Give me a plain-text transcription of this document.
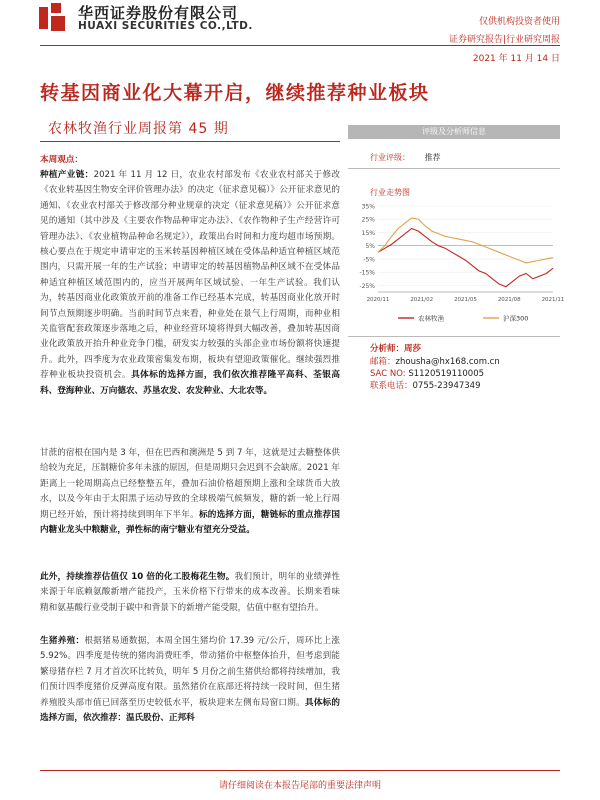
华西证券股份有限公司
HUAXI SECURITIES CO.,LTD.	仅供机构投资者使用
证券研究报告|行业研究周报
2021 年 11 月 14 日
转基因商业化大幕开启，继续推荐种业板块
农林牧渔行业周报第 45 期
本周观点：
种植产业链：2021 年 11 月 12 日，农业农村部发布《农业农村部关于修改《农业转基因生物安全评价管理办法》的决定（征求意见稿）》公开征求意见的通知、《农业农村部关于修改部分种业规章的决定（征求意见稿）》公开征求意见的通知（其中涉及《主要农作物品种审定办法》、《农作物种子生产经营许可管理办法》、《农业植物品种命名规定》），政策出台时间和力度均超市场预期。核心要点在于规定申请审定的玉米转基因种植区域在受体品种适宜种植区域范围内，只需开展一年的生产试验；申请审定的转基因植物品种区域不在受体品种适宜种植区域范围内的，应当开展两年区域试验、一年生产试验。我们认为，转基因商业化政策放开前的准备工作已经基本完成，转基因商业化放开时间节点预期逐步明确。当前时间节点来看，种业处在景气上行周期，而种业相关监管配套政策逐步落地之后，种业经营环境将得到大幅改善，叠加转基因商业化政策放开抬升种业竞争门槛，研发实力较强的头部企业市场份额将快速提升。此外，四季度为农业政策密集发布期，板块有望迎政策催化。继续强烈推荐种业板块投资机会。具体标的选择方面，我们依次推荐隆平高科、荃银高科、登海种业、万向德农、苏垦农发、农发种业、大北农等。
甘蔗的宿根在国内是 3 年，但在巴西和澳洲是 5 到 7 年，这就是过去糖整体供给较为充足，压制糖价多年未涨的原因，但是周期只会迟到不会缺席。2021 年距离上一轮周期高点已经整整五年，叠加石油价格超预期上涨和全球货币大放水，以及今年由于太阳黑子运动导致的全球极端气候频发，糖的新一轮上行周期已经开始，预计将持续到明年下半年。标的选择方面，糖链标的重点推荐国内糖业龙头中粮糖业，弹性标的南宁糖业有望充分受益。
此外，持续推荐估值仅 10 倍的化工股梅花生物。我们预计，明年的业绩弹性来源于年底赖氨酸新增产能投产，玉米价格下行带来的成本改善。长期来看味精和氨基酸行业受制于碳中和背景下的新增产能受限，估值中枢有望抬升。
生猪养殖：根据猪易通数据，本周全国生猪均价 17.39 元/公斤，周环比上涨 5.92%。四季度是传统的猪肉消费旺季，带动猪价中枢整体抬升，但考虑到能繁母猪存栏 7 月才首次环比转负，明年 5 月份之前生猪供给都将持续增加，我们预计四季度猪价反弹高度有限。虽然猪价在底部还将持续一段时间，但生猪养殖股头部市值已回落至历史较低水平，板块迎来左侧布局窗口期。具体标的选择方面，依次推荐：温氏股份、正邦科
评级及分析师信息
行业评级： 推荐
行业走势图
35%
25%
15%
5%
-5%
-15%
-25%
2020/11	2021/02	2021/05	2021/08	2021/11
农林牧渔	沪深300
分析师：周莎
邮箱：zhousha@hx168.com.cn
SAC NO: S1120519110005
联系电话：0755-23947349
请仔细阅读在本报告尾部的重要法律声明
